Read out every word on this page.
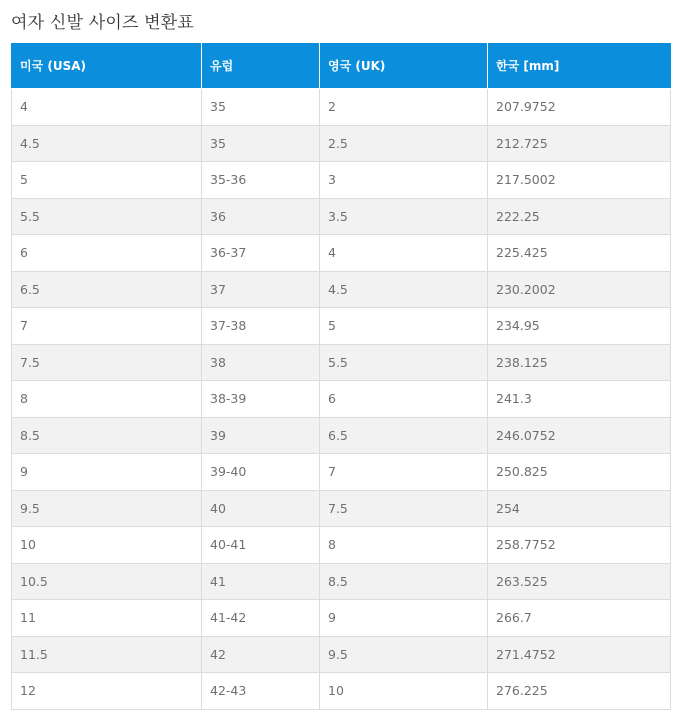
여자 신발 사이즈 변환표
미국 (USA)	유럽	영국 (UK)	한국 [mm]
4	35	2	207.9752
4.5	35	2.5	212.725
5	35-36	3	217.5002
5.5	36	3.5	222.25
6	36-37	4	225.425
6.5	37	4.5	230.2002
7	37-38	5	234.95
7.5	38	5.5	238.125
8	38-39	6	241.3
8.5	39	6.5	246.0752
9	39-40	7	250.825
9.5	40	7.5	254
10	40-41	8	258.7752
10.5	41	8.5	263.525
11	41-42	9	266.7
11.5	42	9.5	271.4752
12	42-43	10	276.225
